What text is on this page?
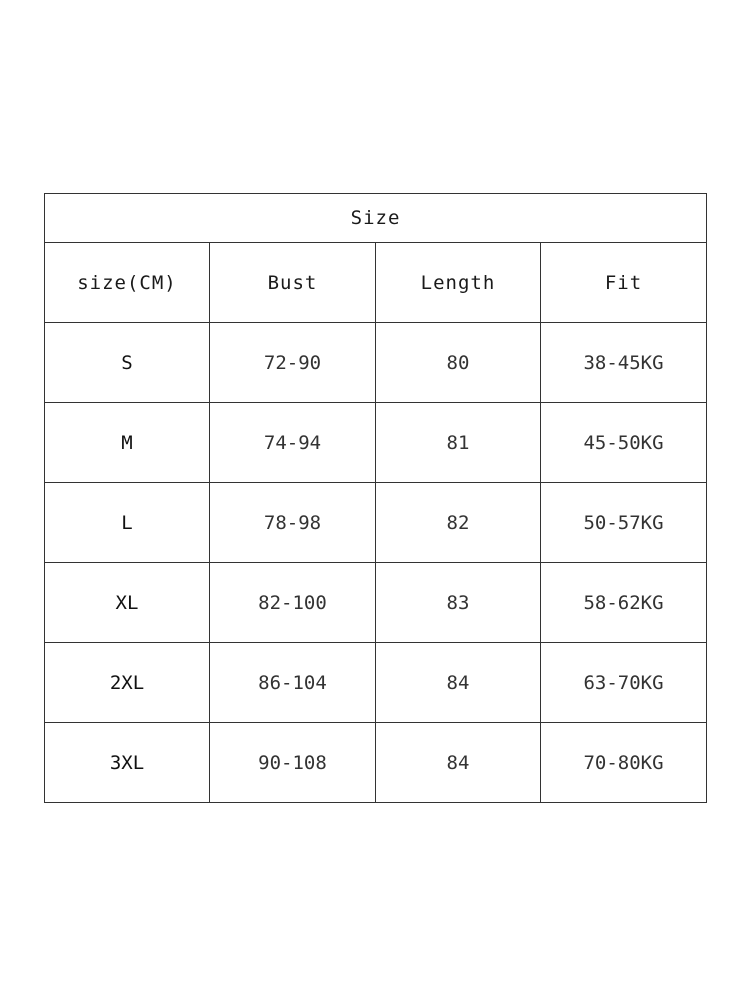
Size			
size(CM)	Bust	Length	Fit
S	72-90	80	38-45KG
M	74-94	81	45-50KG
L	78-98	82	50-57KG
XL	82-100	83	58-62KG
2XL	86-104	84	63-70KG
3XL	90-108	84	70-80KG
